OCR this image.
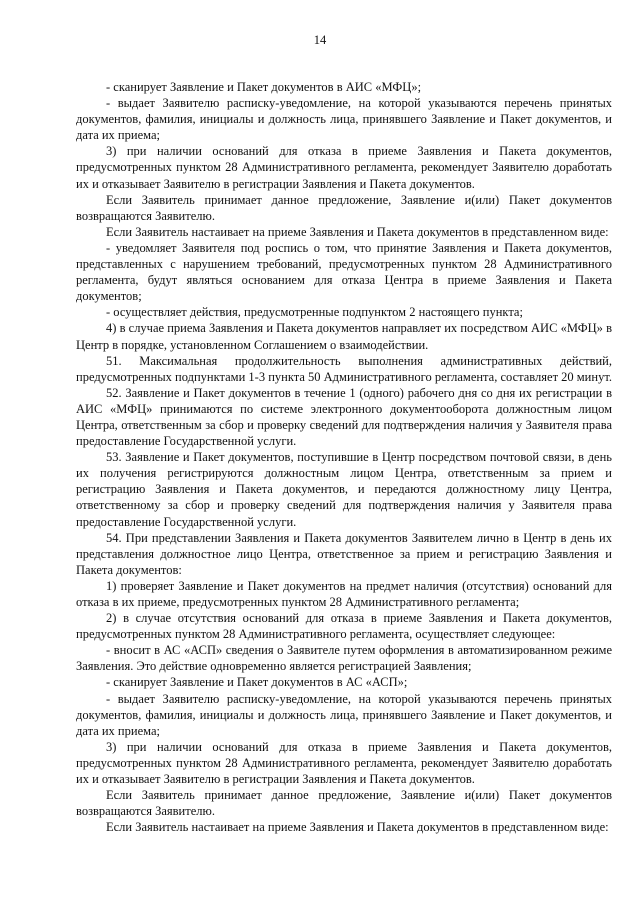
14

- сканирует Заявление и Пакет документов в АИС «МФЦ»;

- выдает Заявителю расписку-уведомление, на которой указываются перечень принятых документов, фамилия, инициалы и должность лица, принявшего Заявление и Пакет документов, и дата их приема;

3) при наличии оснований для отказа в приеме Заявления и Пакета документов, предусмотренных пунктом 28 Административного регламента, рекомендует Заявителю доработать их и отказывает Заявителю в регистрации Заявления и Пакета документов.

Если Заявитель принимает данное предложение, Заявление и(или) Пакет документов возвращаются Заявителю.

Если Заявитель настаивает на приеме Заявления и Пакета документов в представленном виде:

- уведомляет Заявителя под роспись о том, что принятие Заявления и Пакета документов, представленных с нарушением требований, предусмотренных пунктом 28 Административного регламента, будут являться основанием для отказа Центра в приеме Заявления и Пакета документов;

- осуществляет действия, предусмотренные подпунктом 2 настоящего пункта;

4) в случае приема Заявления и Пакета документов направляет их посредством АИС «МФЦ» в Центр в порядке, установленном Соглашением о взаимодействии.

51. Максимальная продолжительность выполнения административных действий, предусмотренных подпунктами 1-3 пункта 50 Административного регламента, составляет 20 минут.

52. Заявление и Пакет документов в течение 1 (одного) рабочего дня со дня их регистрации в АИС «МФЦ» принимаются по системе электронного документооборота должностным лицом Центра, ответственным за сбор и проверку сведений для подтверждения наличия у Заявителя права предоставление Государственной услуги.

53. Заявление и Пакет документов, поступившие в Центр посредством почтовой связи, в день их получения регистрируются должностным лицом Центра, ответственным за прием и регистрацию Заявления и Пакета документов, и передаются должностному лицу Центра, ответственному за сбор и проверку сведений для подтверждения наличия у Заявителя права предоставление Государственной услуги.

54. При представлении Заявления и Пакета документов Заявителем лично в Центр в день их представления должностное лицо Центра, ответственное за прием и регистрацию Заявления и Пакета документов:

1) проверяет Заявление и Пакет документов на предмет наличия (отсутствия) оснований для отказа в их приеме, предусмотренных пунктом 28 Административного регламента;

2) в случае отсутствия оснований для отказа в приеме Заявления и Пакета документов, предусмотренных пунктом 28 Административного регламента, осуществляет следующее:

- вносит в АС «АСП» сведения о Заявителе путем оформления в автоматизированном режиме Заявления. Это действие одновременно является регистрацией Заявления;

- сканирует Заявление и Пакет документов в АС «АСП»;

- выдает Заявителю расписку-уведомление, на которой указываются перечень принятых документов, фамилия, инициалы и должность лица, принявшего Заявление и Пакет документов, и дата их приема;

3) при наличии оснований для отказа в приеме Заявления и Пакета документов, предусмотренных пунктом 28 Административного регламента, рекомендует Заявителю доработать их и отказывает Заявителю в регистрации Заявления и Пакета документов.

Если Заявитель принимает данное предложение, Заявление и(или) Пакет документов возвращаются Заявителю.

Если Заявитель настаивает на приеме Заявления и Пакета документов в представленном виде:
